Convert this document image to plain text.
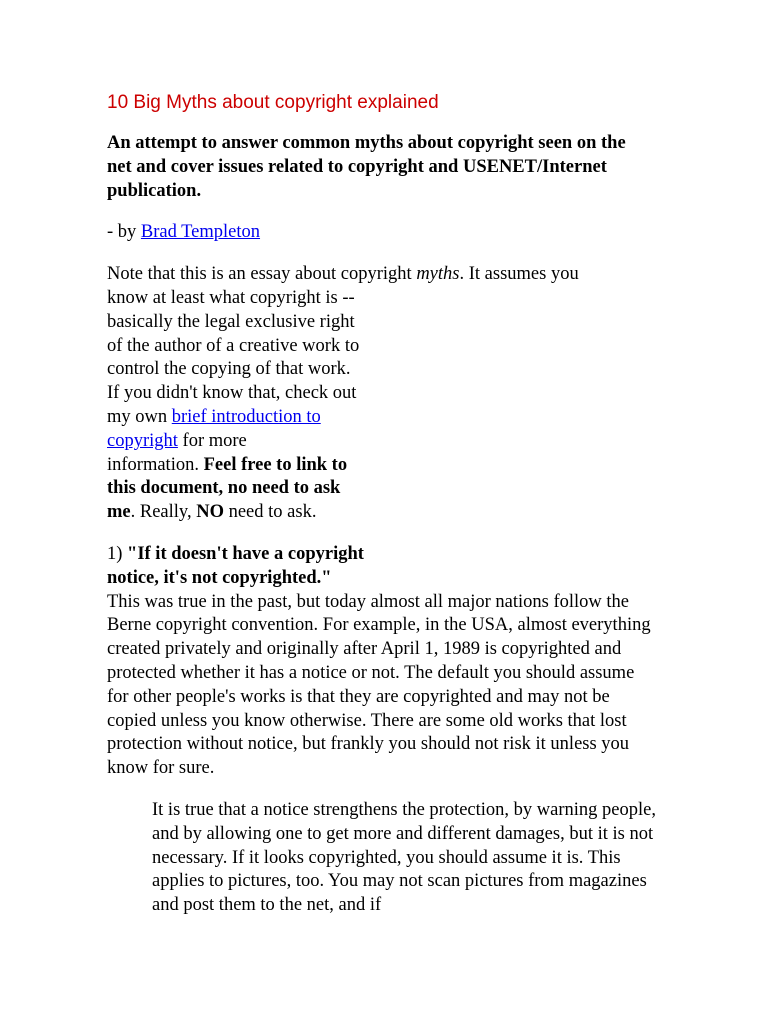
10 Big Myths about copyright explained

An attempt to answer common myths about copyright seen on the net and cover issues related to copyright and USENET/Internet publication.

- by Brad Templeton

Note that this is an essay about copyright myths. It assumes you
know at least what copyright is --
basically the legal exclusive right
of the author of a creative work to
control the copying of that work.
If you didn't know that, check out
my own brief introduction to
copyright for more
information. Feel free to link to
this document, no need to ask
me. Really, NO need to ask.

1) "If it doesn't have a copyright
notice, it's not copyrighted."

This was true in the past, but today almost all major nations follow the Berne copyright convention. For example, in the USA, almost everything created privately and originally after April 1, 1989 is copyrighted and protected whether it has a notice or not. The default you should assume for other people's works is that they are copyrighted and may not be copied unless you know otherwise. There are some old works that lost protection without notice, but frankly you should not risk it unless you know for sure.

It is true that a notice strengthens the protection, by warning people, and by allowing one to get more and different damages, but it is not necessary. If it looks copyrighted, you should assume it is. This applies to pictures, too. You may not scan pictures from magazines and post them to the net, and if
